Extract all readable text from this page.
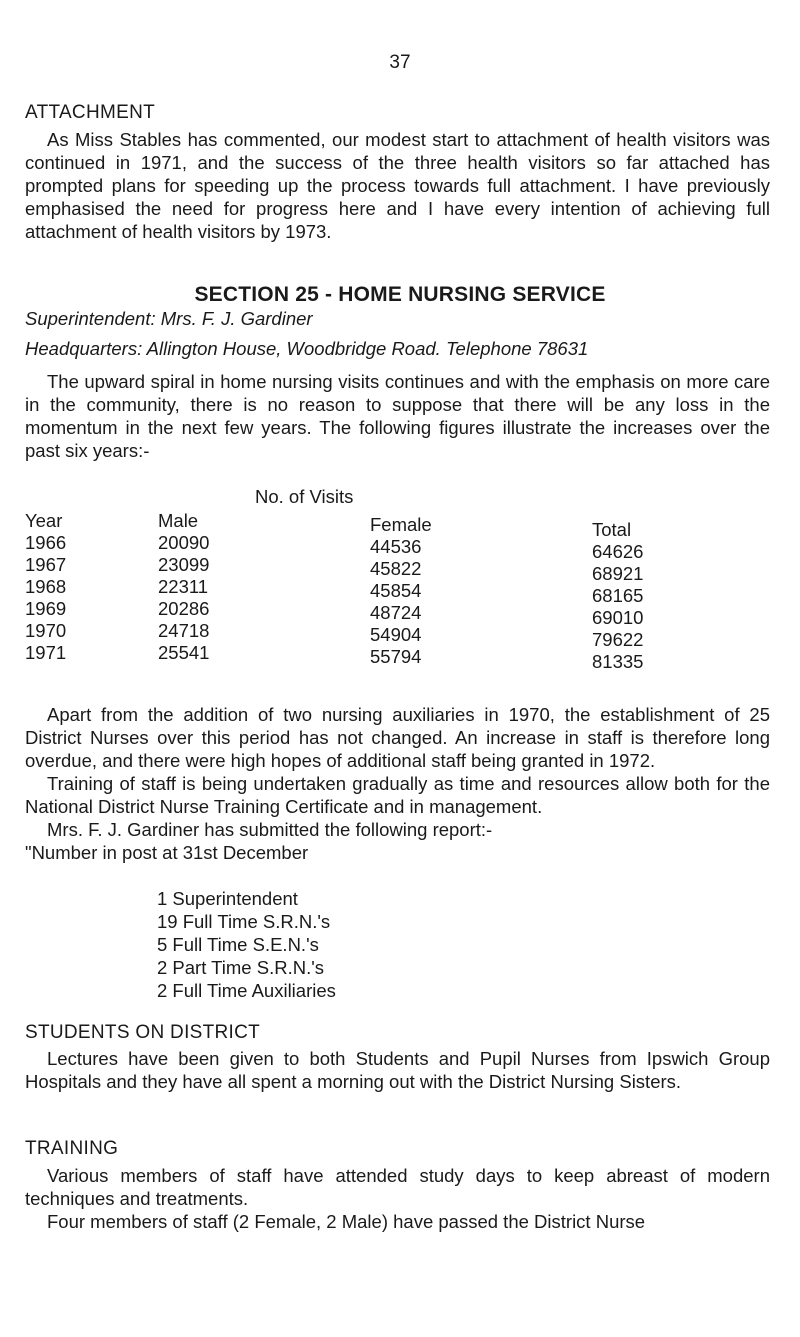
37
ATTACHMENT

As Miss Stables has commented, our modest start to attachment of health visitors was continued in 1971, and the success of the three health visitors so far attached has prompted plans for speeding up the process towards full attachment. I have previously emphasised the need for progress here and I have every intention of achieving full attachment of health visitors by 1973.

SECTION 25 - HOME NURSING SERVICE
Superintendent: Mrs. F. J. Gardiner
Headquarters: Allington House, Woodbridge Road. Telephone 78631

The upward spiral in home nursing visits continues and with the emphasis on more care in the community, there is no reason to suppose that there will be any loss in the momentum in the next few years. The following figures illustrate the increases over the past six years:-

No. of Visits
Year	Male	Female	Total
1966	20090	44536	64626
1967	23099	45822	68921
1968	22311	45854	68165
1969	20286	48724	69010
1970	24718	54904	79622
1971	25541	55794	81335

Apart from the addition of two nursing auxiliaries in 1970, the establishment of 25 District Nurses over this period has not changed. An increase in staff is therefore long overdue, and there were high hopes of additional staff being granted in 1972.

Training of staff is being undertaken gradually as time and resources allow both for the National District Nurse Training Certificate and in management.

Mrs. F. J. Gardiner has submitted the following report:-

"Number in post at 31st December

1 Superintendent
19 Full Time S.R.N.'s
5 Full Time S.E.N.'s
2 Part Time S.R.N.'s
2 Full Time Auxiliaries
STUDENTS ON DISTRICT

Lectures have been given to both Students and Pupil Nurses from Ipswich Group Hospitals and they have all spent a morning out with the District Nursing Sisters.

TRAINING

Various members of staff have attended study days to keep abreast of modern techniques and treatments.

Four members of staff (2 Female, 2 Male) have passed the District Nurse
